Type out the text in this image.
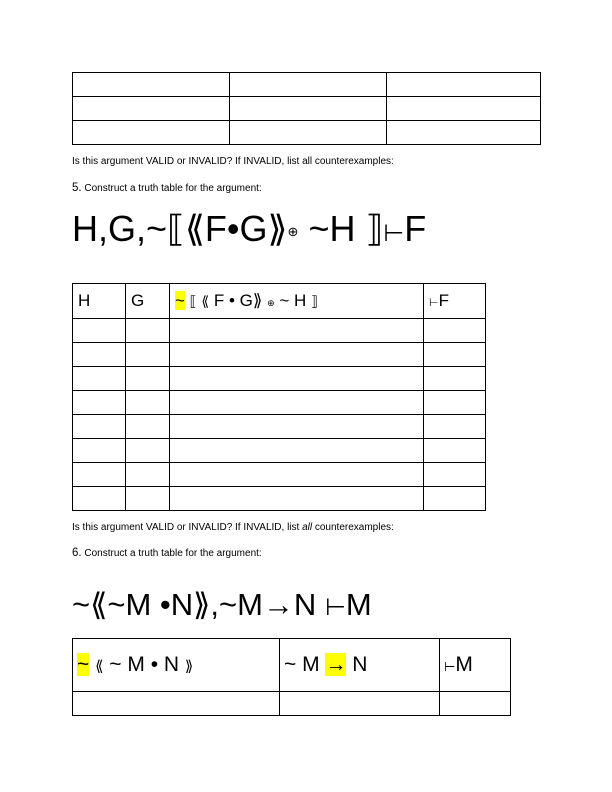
Is this argument VALID or INVALID? If INVALID, list all counterexamples:
5. Construct a truth table for the argument:
H,G,~⟦⟪F•G⟫⊕ ~H ⟧⊢F
H	G	~ ⟦ ⟪ F • G⟫ ⊕ ~ H ⟧	⊢F

Is this argument VALID or INVALID? If INVALID, list all counterexamples:
6. Construct a truth table for the argument:
~⟪~M •N⟫,~M→N ⊢M
~ ⟪ ~ M • N ⟫	~ M → N	⊢M
